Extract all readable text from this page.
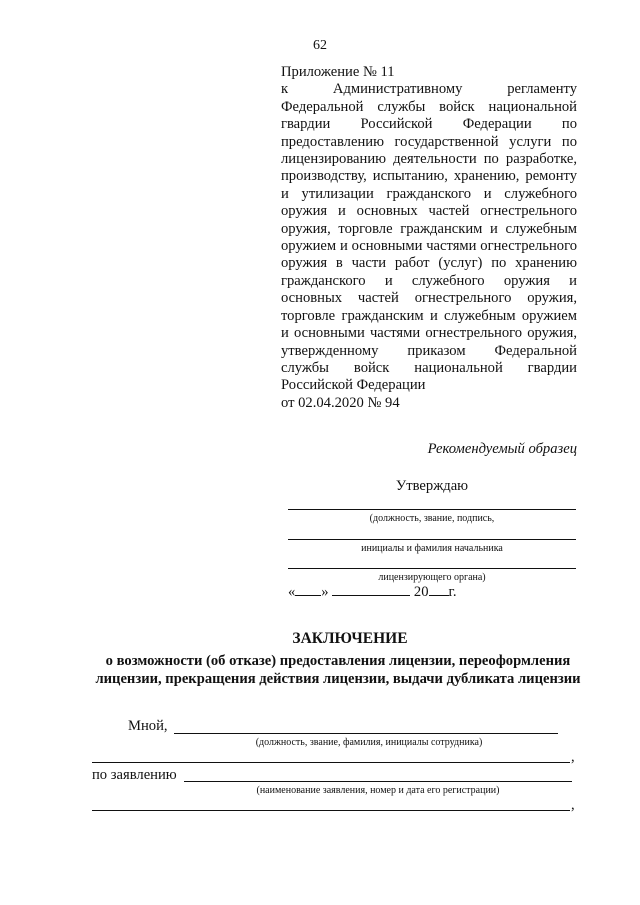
62

Приложение № 11

к Административному регламенту Федеральной службы войск национальной гвардии Российской Федерации по предоставлению государственной услуги по лицензированию деятельности по разработке, производству, испытанию, хранению, ремонту и утилизации гражданского и служебного оружия и основных частей огнестрельного оружия, торговле гражданским и служебным оружием и основными частями огнестрельного оружия в части работ (услуг) по хранению гражданского и служебного оружия и основных частей огнестрельного оружия, торговле гражданским и служебным оружием и основными частями огнестрельного оружия, утвержденному приказом Федеральной службы войск национальной гвардии Российской Федерации

от 02.04.2020 № 94

Рекомендуемый образец
Утверждаю
(должность, звание, подпись,
инициалы и фамилия начальника
лицензирующего органа)
« »	20 г.
ЗАКЛЮЧЕНИЕ
о возможности (об отказе) предоставления лицензии, переоформления лицензии, прекращения действия лицензии, выдачи дубликата лицензии
Мной,
(должность, звание, фамилия, инициалы сотрудника)
,
по заявлению
(наименование заявления, номер и дата его регистрации)
,
